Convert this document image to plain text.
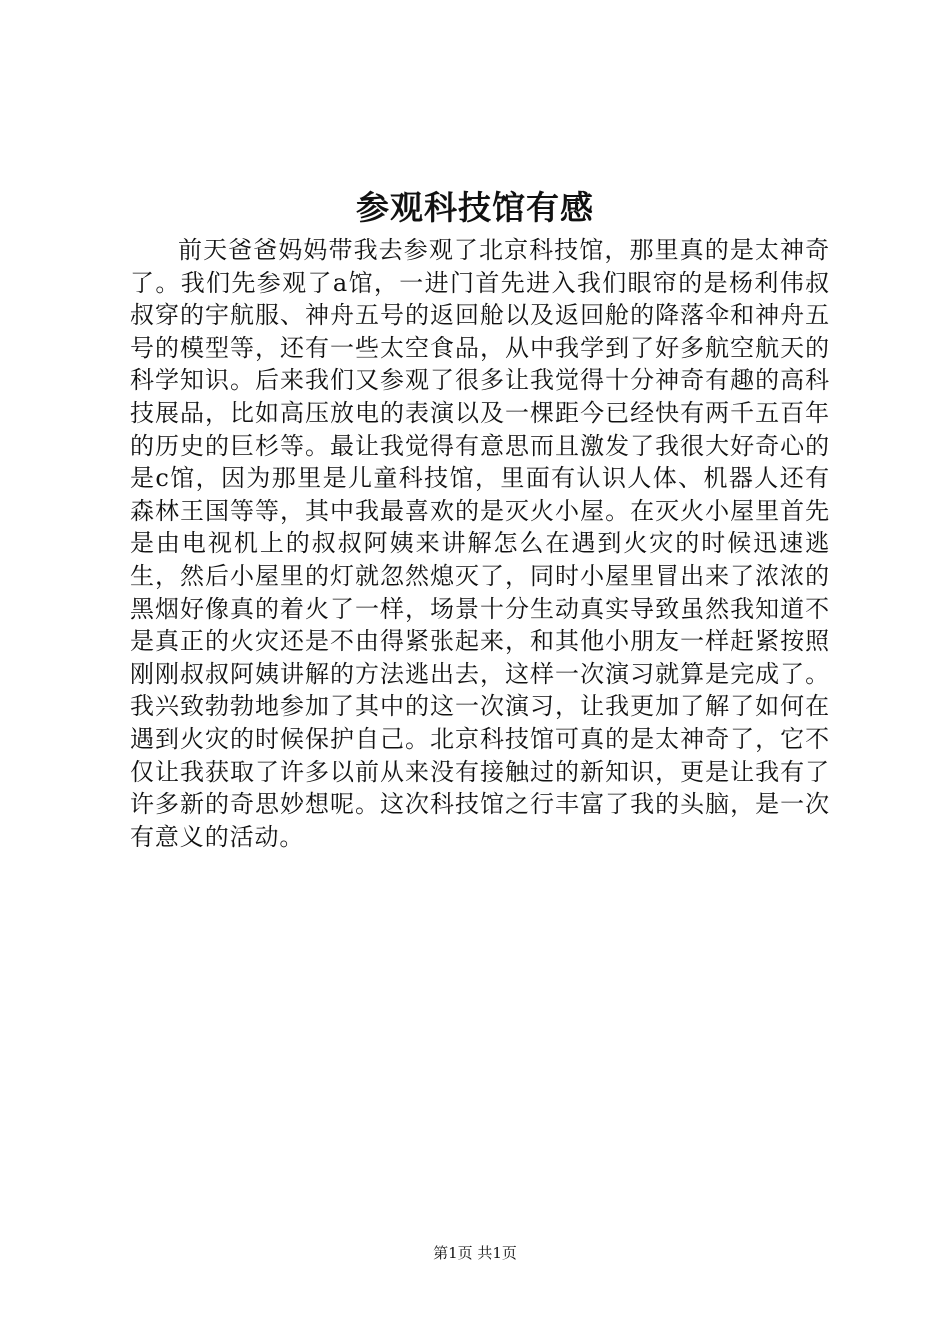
参观科技馆有感

前天爸爸妈妈带我去参观了北京科技馆，那里真的是太神奇了。我们先参观了a馆，一进门首先进入我们眼帘的是杨利伟叔叔穿的宇航服、神舟五号的返回舱以及返回舱的降落伞和神舟五号的模型等，还有一些太空食品，从中我学到了好多航空航天的科学知识。后来我们又参观了很多让我觉得十分神奇有趣的高科技展品，比如高压放电的表演以及一棵距今已经快有两千五百年的历史的巨杉等。最让我觉得有意思而且激发了我很大好奇心的是c馆，因为那里是儿童科技馆，里面有认识人体、机器人还有森林王国等等，其中我最喜欢的是灭火小屋。在灭火小屋里首先是由电视机上的叔叔阿姨来讲解怎么在遇到火灾的时候迅速逃生，然后小屋里的灯就忽然熄灭了，同时小屋里冒出来了浓浓的黑烟好像真的着火了一样，场景十分生动真实导致虽然我知道不是真正的火灾还是不由得紧张起来，和其他小朋友一样赶紧按照刚刚叔叔阿姨讲解的方法逃出去，这样一次演习就算是完成了。我兴致勃勃地参加了其中的这一次演习，让我更加了解了如何在遇到火灾的时候保护自己。北京科技馆可真的是太神奇了，它不仅让我获取了许多以前从来没有接触过的新知识，更是让我有了许多新的奇思妙想呢。这次科技馆之行丰富了我的头脑，是一次有意义的活动。

第1页 共1页
